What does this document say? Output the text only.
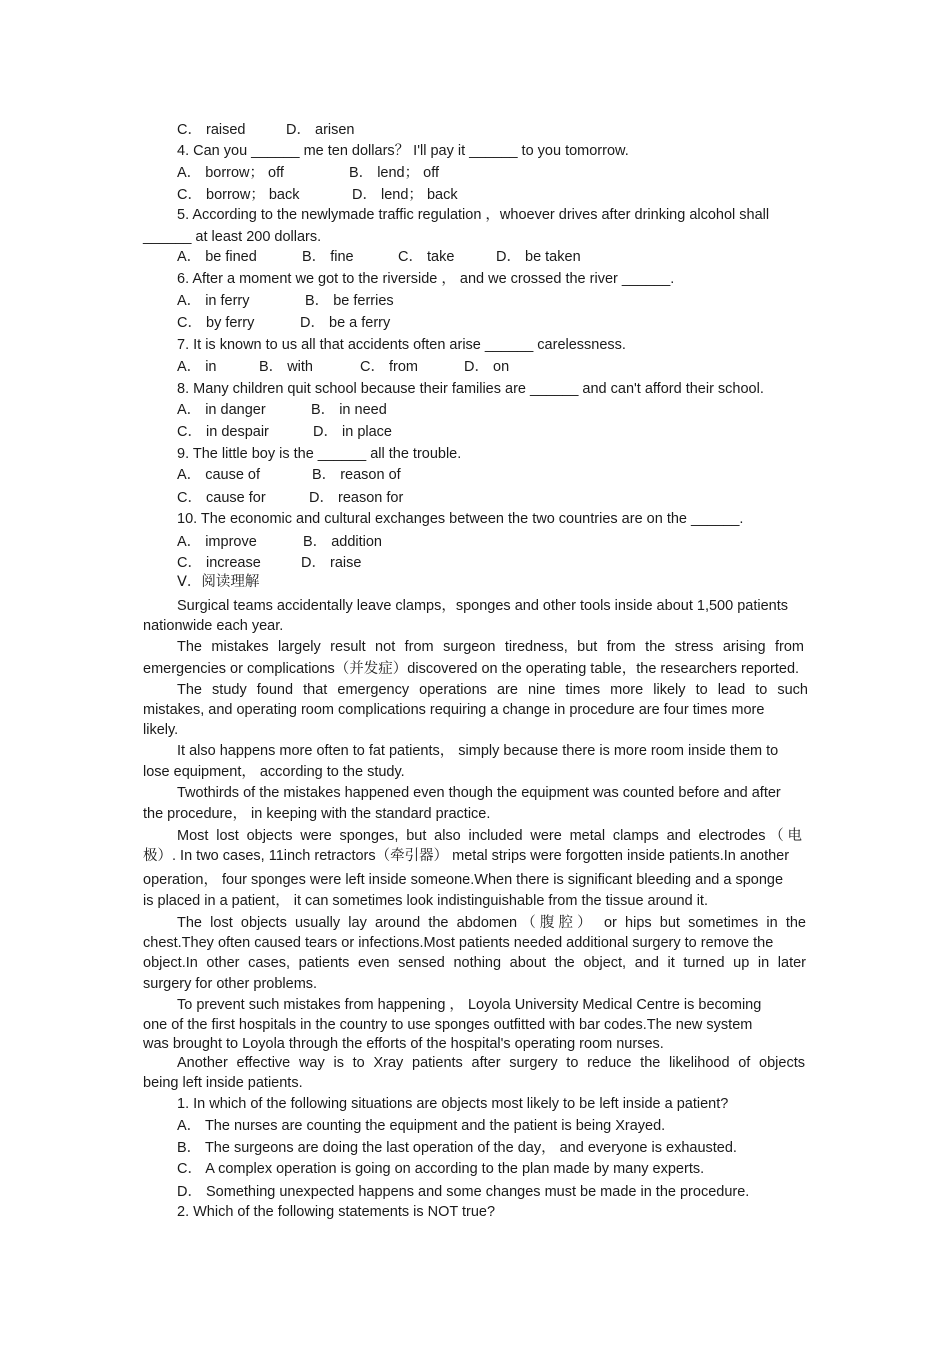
C． raised	D． arisen
4. Can you ______ me ten dollars？ I'll pay it ______ to you tomorrow.
A． borrow； off	B． lend； off
C． borrow； back	D． lend； back
5. According to the newlymade traffic regulation ，whoever drives after drinking alcohol shall
______ at least 200 dollars.
A． be fined	B． fine	C． take	D． be taken
6. After a moment we got to the riverside ， and we crossed the river ______.
A． in ferry	B． be ferries
C． by ferry	D． be a ferry
7. It is known to us all that accidents often arise ______ carelessness.
A． in	B． with	C． from	D． on
8. Many children quit school because their families are ______ and can't afford their school.
A． in danger	B． in need
C． in despair	D． in place
9. The little boy is the ______ all the trouble.
A． cause of	B． reason of
C． cause for	D． reason for
10. The economic and cultural exchanges between the two countries are on the ______.
A． improve	B． addition
C． increase	D． raise
Ⅴ．阅读理解
Surgical teams accidentally leave clamps，sponges and other tools inside about 1,500 patients
nationwide each year.
The mistakes largely result not from surgeon tiredness, but from the stress arising from
emergencies or complications（并发症）discovered on the operating table，the researchers reported.
The study found that emergency operations are nine times more likely to lead to such
mistakes, and operating room complications requiring a change in procedure are four times more
likely.
It also happens more often to fat patients， simply because there is more room inside them to
lose equipment， according to the study.
Twothirds of the mistakes happened even though the equipment was counted before and after
the procedure， in keeping with the standard practice.
Most lost objects were sponges, but also included were metal clamps and electrodes（电
极）. In two cases, 11inch retractors（牵引器） metal strips were forgotten inside patients.In another
operation， four sponges were left inside someone.When there is significant bleeding and a sponge
is placed in a patient， it can sometimes look indistinguishable from the tissue around it.
The lost objects usually lay around the abdomen（腹腔） or hips but sometimes in the
chest.They often caused tears or infections.Most patients needed additional surgery to remove the
object.In other cases, patients even sensed nothing about the object, and it turned up in later
surgery for other problems.
To prevent such mistakes from happening ， Loyola University Medical Centre is becoming
one of the first hospitals in the country to use sponges outfitted with bar codes.The new system
was brought to Loyola through the efforts of the hospital's operating room nurses.
Another effective way is to Xray patients after surgery to reduce the likelihood of objects
being left inside patients.
1. In which of the following situations are objects most likely to be left inside a patient?
A． The nurses are counting the equipment and the patient is being Xrayed.
B． The surgeons are doing the last operation of the day， and everyone is exhausted.
C． A complex operation is going on according to the plan made by many experts.
D． Something unexpected happens and some changes must be made in the procedure.
2. Which of the following statements is NOT true?
